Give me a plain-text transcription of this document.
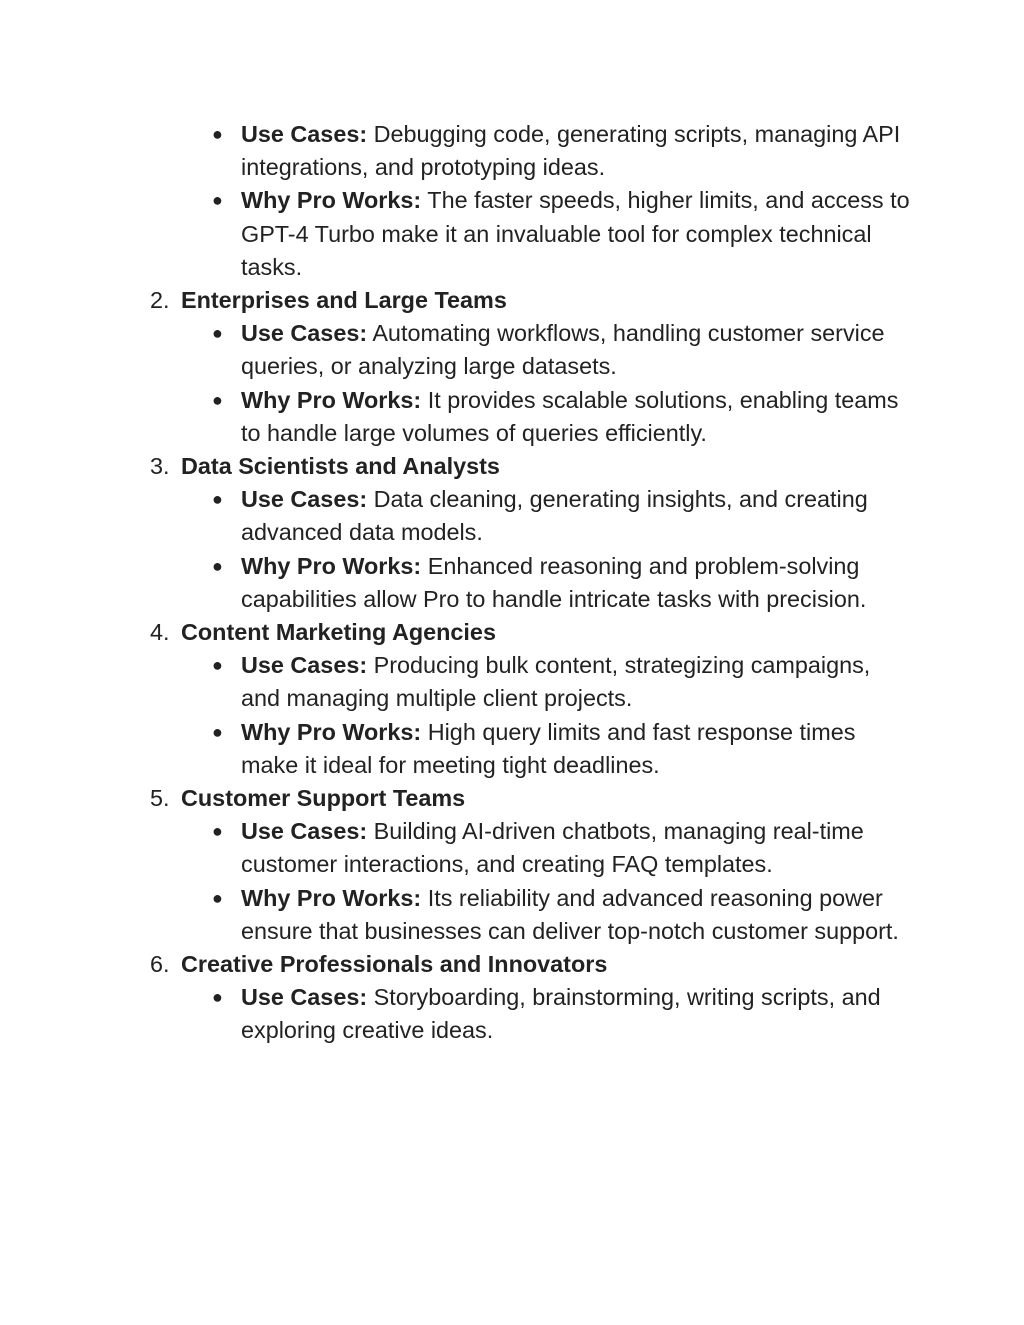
● Use Cases: Debugging code, generating scripts, managing API integrations, and prototyping ideas.
● Why Pro Works: The faster speeds, higher limits, and access to GPT-4 Turbo make it an invaluable tool for complex technical tasks.
2. Enterprises and Large Teams
● Use Cases: Automating workflows, handling customer service queries, or analyzing large datasets.
● Why Pro Works: It provides scalable solutions, enabling teams to handle large volumes of queries efficiently.
3. Data Scientists and Analysts
● Use Cases: Data cleaning, generating insights, and creating advanced data models.
● Why Pro Works: Enhanced reasoning and problem-solving capabilities allow Pro to handle intricate tasks with precision.
4. Content Marketing Agencies
● Use Cases: Producing bulk content, strategizing campaigns, and managing multiple client projects.
● Why Pro Works: High query limits and fast response times make it ideal for meeting tight deadlines.
5. Customer Support Teams
● Use Cases: Building AI-driven chatbots, managing real-time customer interactions, and creating FAQ templates.
● Why Pro Works: Its reliability and advanced reasoning power ensure that businesses can deliver top-notch customer support.
6. Creative Professionals and Innovators
● Use Cases: Storyboarding, brainstorming, writing scripts, and exploring creative ideas.
